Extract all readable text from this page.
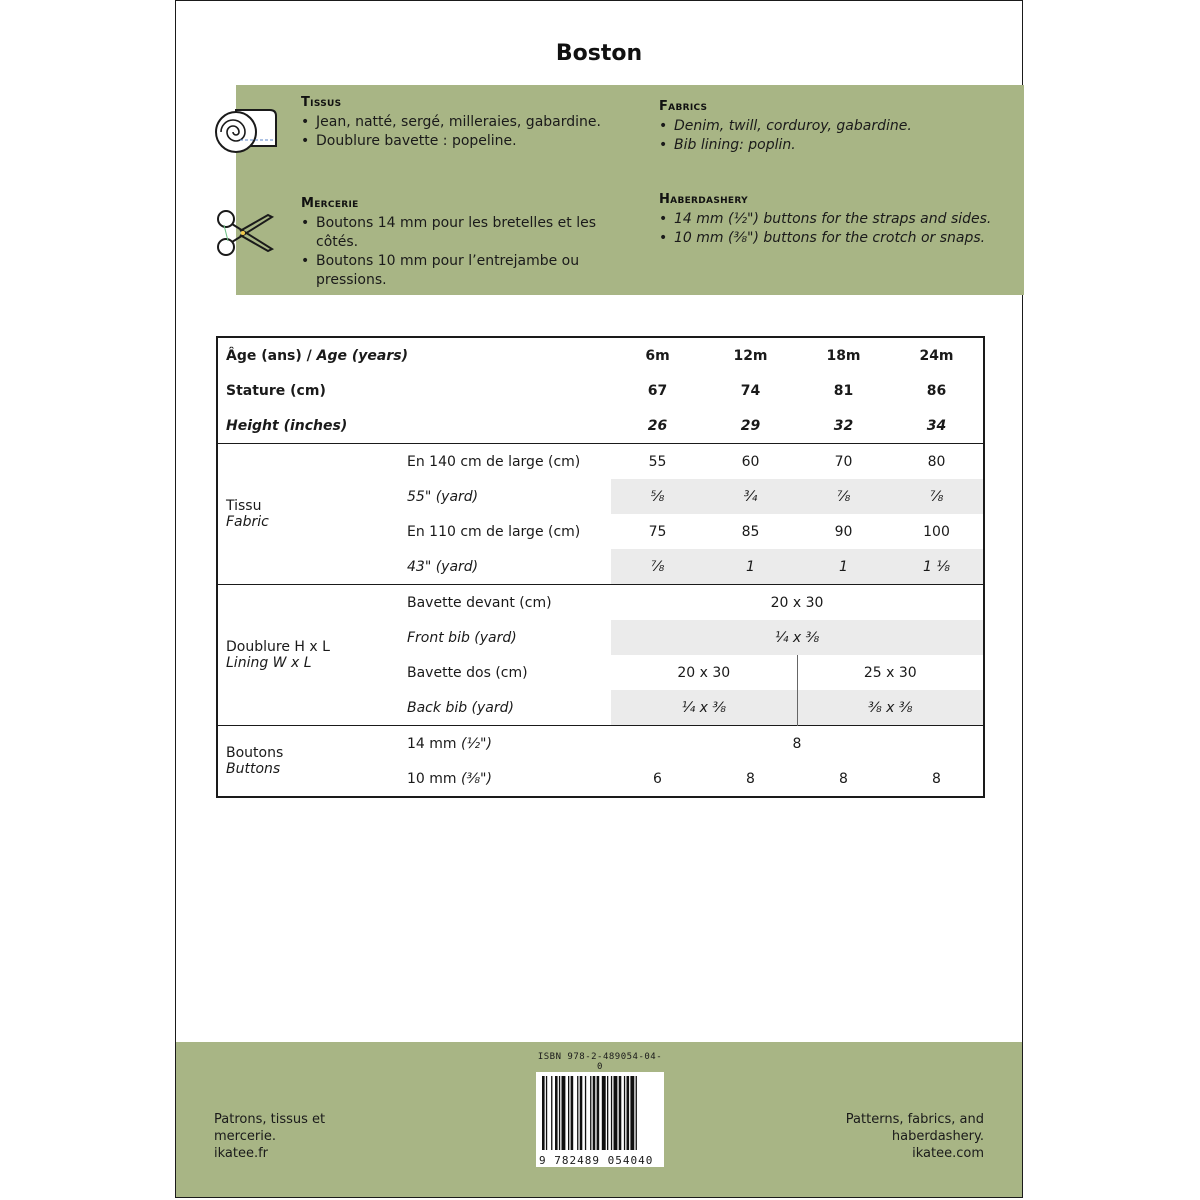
Boston
Tissus
• Jean, natté, sergé, milleraies, gabardine.
• Doublure bavette : popeline.
Fabrics
• Denim, twill, corduroy, gabardine.
• Bib lining: poplin.
Mercerie
• Boutons 14 mm pour les bretelles et les côtés.
• Boutons 10 mm pour l’entrejambe ou pressions.
Haberdashery
• 14 mm (½") buttons for the straps and sides.
• 10 mm (⅜") buttons for the crotch or snaps.
Âge (ans) / Age (years)		6m	12m	18m	24m
Stature (cm)		67	74	81	86
Height (inches)		26	29	32	34

Tissu
Fabric	En 140 cm de large (cm)	55	60	70	80
	55" (yard)	⅝	¾	⅞	⅞
	En 110 cm de large (cm)	75	85	90	100
	43" (yard)	⅞	1	1	1 ⅛

Doublure H x L
Lining W x L	Bavette devant (cm)	20 x 30			
	Front bib (yard)	¼ x ⅜			
	Bavette dos (cm)	20 x 30		25 x 30	
	Back bib (yard)	¼ x ⅜		⅜ x ⅜	

Boutons
Buttons	14 mm (½")	8			
	10 mm (⅜")	6	8	8	8
Patrons, tissus et
mercerie.
ikatee.fr
ISBN 978-2-489054-04-0
9 782489 054040
Patterns, fabrics, and
haberdashery.
ikatee.com
